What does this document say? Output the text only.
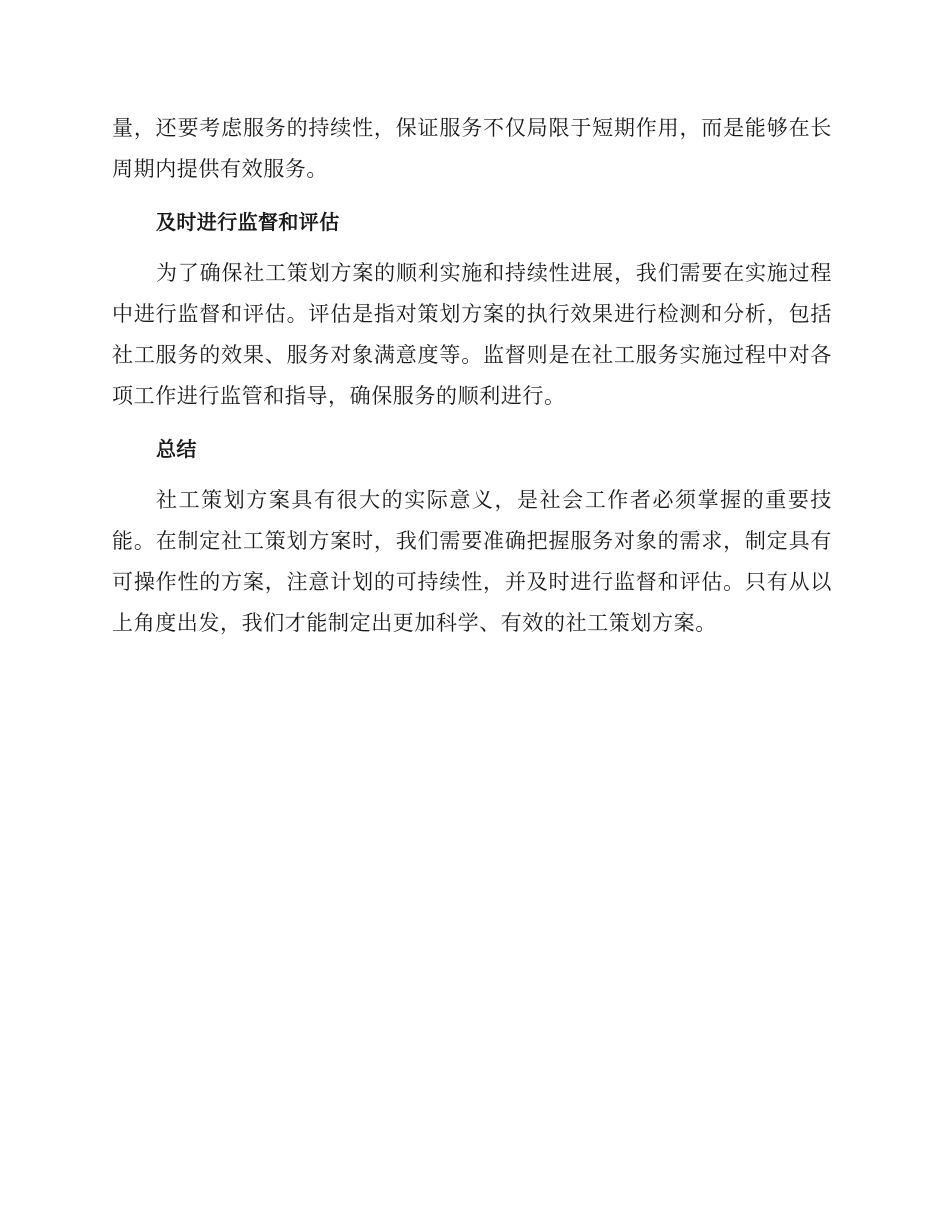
量，还要考虑服务的持续性，保证服务不仅局限于短期作用，而是能够在长周期内提供有效服务。

及时进行监督和评估

为了确保社工策划方案的顺利实施和持续性进展，我们需要在实施过程中进行监督和评估。评估是指对策划方案的执行效果进行检测和分析，包括社工服务的效果、服务对象满意度等。监督则是在社工服务实施过程中对各项工作进行监管和指导，确保服务的顺利进行。

总结

社工策划方案具有很大的实际意义，是社会工作者必须掌握的重要技能。在制定社工策划方案时，我们需要准确把握服务对象的需求，制定具有可操作性的方案，注意计划的可持续性，并及时进行监督和评估。只有从以上角度出发，我们才能制定出更加科学、有效的社工策划方案。
